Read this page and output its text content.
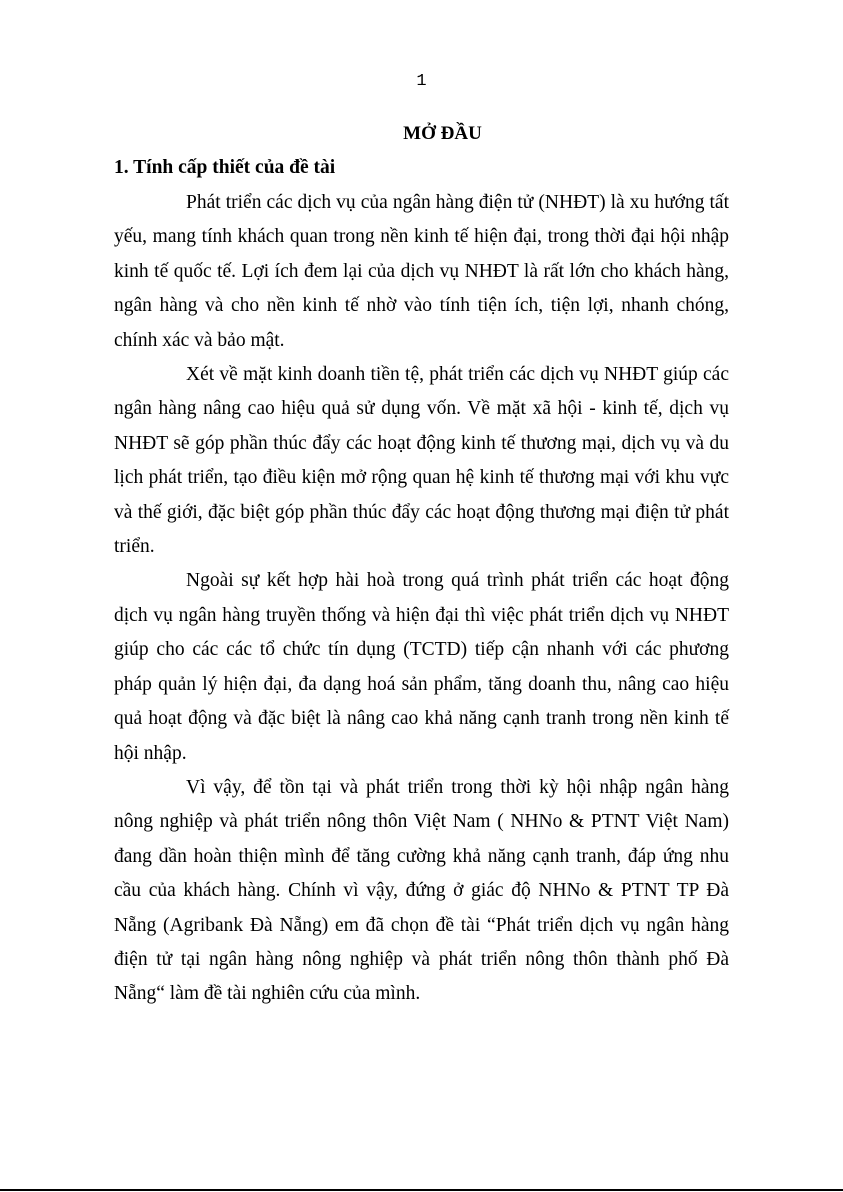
1
MỞ ĐẦU
1. Tính cấp thiết của đề tài

Phát triển các dịch vụ của ngân hàng điện tử (NHĐT) là xu hướng tất yếu, mang tính khách quan trong nền kinh tế hiện đại, trong thời đại hội nhập kinh tế quốc tế. Lợi ích đem lại của dịch vụ NHĐT là rất lớn cho khách hàng, ngân hàng và cho nền kinh tế nhờ vào tính tiện ích, tiện lợi, nhanh chóng, chính xác và bảo mật.

Xét về mặt kinh doanh tiền tệ, phát triển các dịch vụ NHĐT giúp các ngân hàng nâng cao hiệu quả sử dụng vốn. Về mặt xã hội - kinh tế, dịch vụ NHĐT sẽ góp phần thúc đẩy các hoạt động kinh tế thương mại, dịch vụ và du lịch phát triển, tạo điều kiện mở rộng quan hệ kinh tế thương mại với khu vực và thế giới, đặc biệt góp phần thúc đẩy các hoạt động thương mại điện tử phát triển.

Ngoài sự kết hợp hài hoà trong quá trình phát triển các hoạt động dịch vụ ngân hàng truyền thống và hiện đại thì việc phát triển dịch vụ NHĐT giúp cho các các tổ chức tín dụng (TCTD) tiếp cận nhanh với các phương pháp quản lý hiện đại, đa dạng hoá sản phẩm, tăng doanh thu, nâng cao hiệu quả hoạt động và đặc biệt là nâng cao khả năng cạnh tranh trong nền kinh tế hội nhập.

Vì vậy, để tồn tại và phát triển trong thời kỳ hội nhập ngân hàng nông nghiệp và phát triển nông thôn Việt Nam ( NHNo & PTNT Việt Nam) đang dần hoàn thiện mình để tăng cường khả năng cạnh tranh, đáp ứng nhu cầu của khách hàng. Chính vì vậy, đứng ở giác độ NHNo & PTNT TP Đà Nẵng (Agribank Đà Nẵng) em đã chọn đề tài “Phát triển dịch vụ ngân hàng điện tử tại ngân hàng nông nghiệp và phát triển nông thôn thành phố Đà Nẵng“ làm đề tài nghiên cứu của mình.
